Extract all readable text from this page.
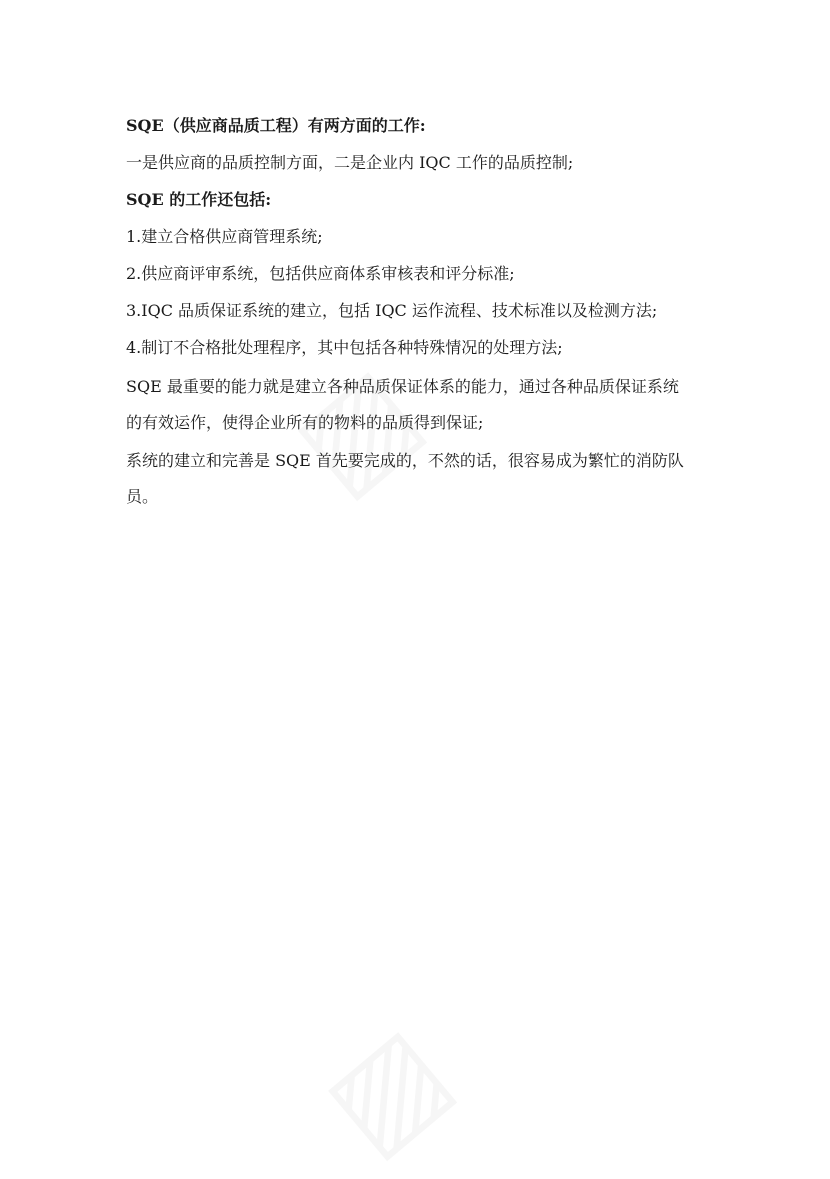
SQE（供应商品质工程）有两方面的工作:

一是供应商的品质控制方面，二是企业内 IQC 工作的品质控制;

SQE 的工作还包括:

1.建立合格供应商管理系统;

2.供应商评审系统，包括供应商体系审核表和评分标准;

3.IQC 品质保证系统的建立，包括 IQC 运作流程、技术标准以及检测方法;

4.制订不合格批处理程序，其中包括各种特殊情况的处理方法;

SQE 最重要的能力就是建立各种品质保证体系的能力，通过各种品质保证系统
的有效运作，使得企业所有的物料的品质得到保证;

系统的建立和完善是 SQE 首先要完成的，不然的话，很容易成为繁忙的消防队
员。
